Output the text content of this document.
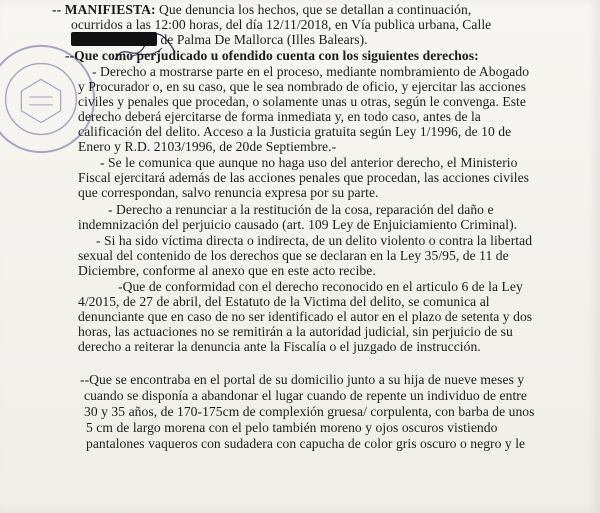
-- MANIFIESTA: Que denuncia los hechos, que se detallan a continuación,
ocurridos a las 12:00 horas, del día 12/11/2018, en Vía publica urbana, Calle
de Palma De Mallorca (Illes Balears).
--Que como perjudicado u ofendido cuenta con los siguientes derechos:
- Derecho a mostrarse parte en el proceso, mediante nombramiento de Abogado
y Procurador o, en su caso, que le sea nombrado de oficio, y ejercitar las acciones
civiles y penales que procedan, o solamente unas u otras, según le convenga. Este
derecho deberá ejercitarse de forma inmediata y, en todo caso, antes de la
calificación del delito. Acceso a la Justicia gratuita según Ley 1/1996, de 10 de
Enero y R.D. 2103/1996, de 20de Septiembre.-
- Se le comunica que aunque no haga uso del anterior derecho, el Ministerio
Fiscal ejercitará además de las acciones penales que procedan, las acciones civiles
que correspondan, salvo renuncia expresa por su parte.
- Derecho a renunciar a la restitución de la cosa, reparación del daño e
indemnización del perjuicio causado (art. 109 Ley de Enjuiciamiento Criminal).
- Si ha sido víctima directa o indirecta, de un delito violento o contra la libertad
sexual del contenido de los derechos que se declaran en la Ley 35/95, de 11 de
Diciembre, conforme al anexo que en este acto recibe.
-Que de conformidad con el derecho reconocido en el articulo 6 de la Ley
4/2015, de 27 de abril, del Estatuto de la Victima del delito, se comunica al
denunciante que en caso de no ser identificado el autor en el plazo de setenta y dos
horas, las actuaciones no se remitirán a la autoridad judicial, sin perjuicio de su
derecho a reiterar la denuncia ante la Fiscalía o el juzgado de instrucción.
--Que se encontraba en el portal de su domicilio junto a su hija de nueve meses y
cuando se disponía a abandonar el lugar cuando de repente un individuo de entre
30 y 35 años, de 170-175cm de complexión gruesa/ corpulenta, con barba de unos
5 cm de largo morena con el pelo también moreno y ojos oscuros vistiendo
pantalones vaqueros con sudadera con capucha de color gris oscuro o negro y le
